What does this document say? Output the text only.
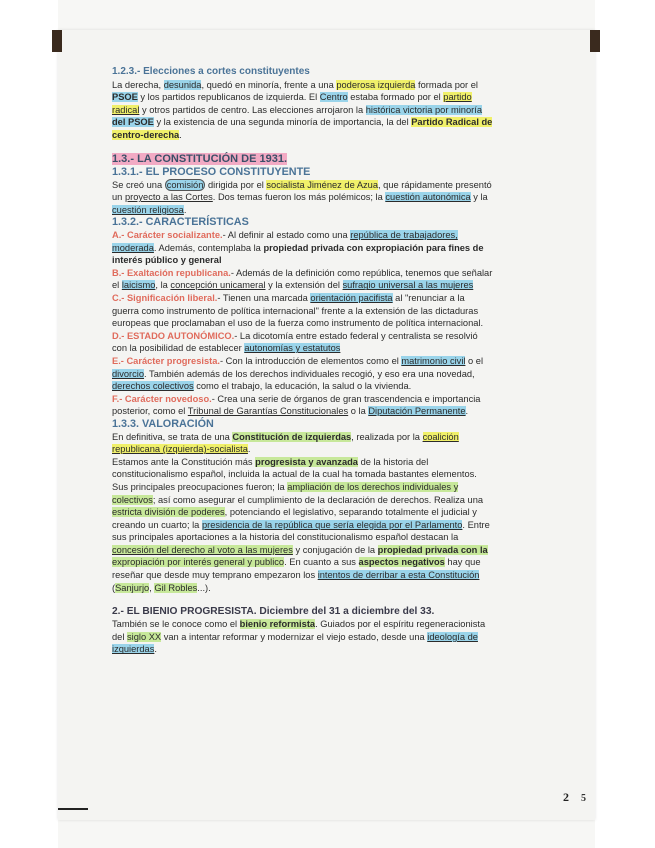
1.2.3.- Elecciones a cortes constituyentes

La derecha, desunida, quedó en minoría, frente a una poderosa izquierda formada por el

PSOE y los partidos republicanos de izquierda. El Centro estaba formado por el partido

radical y otros partidos de centro. Las elecciones arrojaron la histórica victoria por minoría

del PSOE y la existencia de una segunda minoría de importancia, la del Partido Radical de

centro-derecha.

1.3.- LA CONSTITUCIÓN DE 1931.

1.3.1.- EL PROCESO CONSTITUYENTE

Se creó una comisión dirigida por el socialista Jiménez de Azua, que rápidamente presentó

un proyecto a las Cortes. Dos temas fueron los más polémicos; la cuestión autonómica y la

cuestión religiosa.

1.3.2.- CARACTERÍSTICAS

A.- Carácter socializante.- Al definir al estado como una república de trabajadores,

moderada. Además, contemplaba la propiedad privada con expropiación para fines de

interés público y general

B.- Exaltación republicana.- Además de la definición como república, tenemos que señalar

el laicismo, la concepción unicameral y la extensión del sufragio universal a las mujeres

C.- Significación liberal.- Tienen una marcada orientación pacifista al "renunciar a la

guerra como instrumento de política internacional" frente a la extensión de las dictaduras

europeas que proclamaban el uso de la fuerza como instrumento de política internacional.

D.- ESTADO AUTONÓMICO.- La dicotomía entre estado federal y centralista se resolvió

con la posibilidad de establecer autonomías y estatutos

E.- Carácter progresista.- Con la introducción de elementos como el matrimonio civil o el

divorcio. También además de los derechos individuales recogió, y eso era una novedad,

derechos colectivos como el trabajo, la educación, la salud o la vivienda.

F.- Carácter novedoso.- Crea una serie de órganos de gran trascendencia e importancia

posterior, como el Tribunal de Garantías Constitucionales o la Diputación Permanente.

1.3.3. VALORACIÓN

En definitiva, se trata de una Constitución de izquierdas, realizada por la coalición

republicana (izquierda)-socialista.

Estamos ante la Constitución más progresista y avanzada de la historia del

constitucionalismo español, incluida la actual de la cual ha tomada bastantes elementos.

Sus principales preocupaciones fueron; la ampliación de los derechos individuales y

colectivos; así como asegurar el cumplimiento de la declaración de derechos. Realiza una

estricta división de poderes, potenciando el legislativo, separando totalmente el judicial y

creando un cuarto; la presidencia de la república que sería elegida por el Parlamento. Entre

sus principales aportaciones a la historia del constitucionalismo español destacan la

concesión del derecho al voto a las mujeres y conjugación de la propiedad privada con la

expropiación por interés general y publico. En cuanto a sus aspectos negativos hay que

reseñar que desde muy temprano empezaron los intentos de derribar a esta Constitución

(Sanjurjo, Gil Robles...).

2.- EL BIENIO PROGRESISTA. Diciembre del 31 a diciembre del 33.

También se le conoce como el bienio reformista. Guiados por el espíritu regeneracionista

del siglo XX van a intentar reformar y modernizar el viejo estado, desde una ideología de

izquierdas.

2 5
